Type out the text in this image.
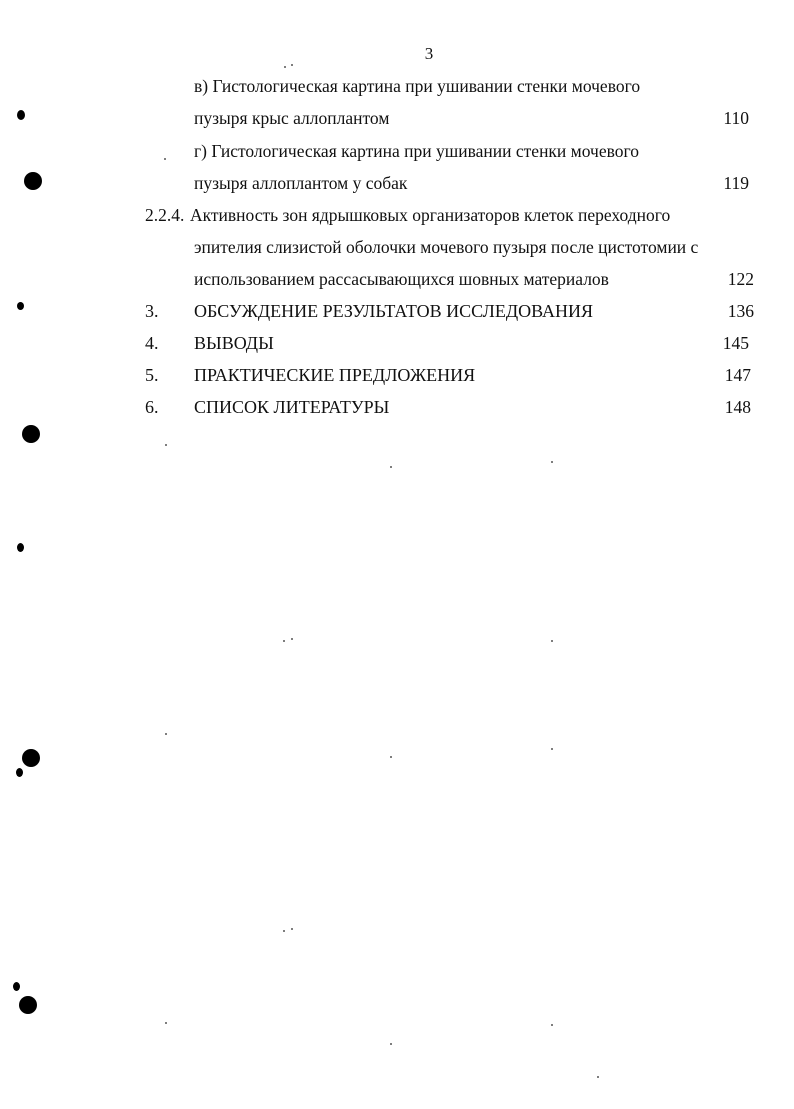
3
в) Гистологическая картина при ушивании стенки мочевого
пузыря крыс аллоплантом	110
г) Гистологическая картина при ушивании стенки мочевого
пузыря аллоплантом у собак	119
2.2.4. Активность зон ядрышковых организаторов клеток переходного
эпителия слизистой оболочки мочевого пузыря после цистотомии с
использованием рассасывающихся шовных материалов	122
3. ОБСУЖДЕНИЕ РЕЗУЛЬТАТОВ ИССЛЕДОВАНИЯ	136
4. ВЫВОДЫ	145
5. ПРАКТИЧЕСКИЕ ПРЕДЛОЖЕНИЯ	147
6. СПИСОК ЛИТЕРАТУРЫ	148
